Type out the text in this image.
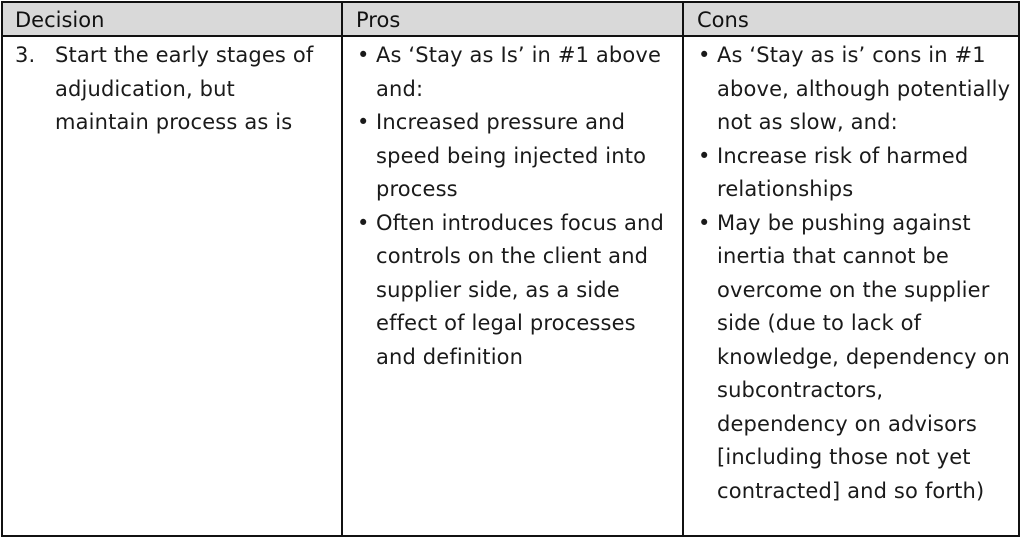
Decision	Pros	Cons
3. Start the early stages of adjudication, but maintain process as is
• As ‘Stay as Is’ in #1 above and:
• Increased pressure and speed being injected into process
• Often introduces focus and controls on the client and supplier side, as a side effect of legal processes and definition
• As ‘Stay as is’ cons in #1 above, although potentially not as slow, and:
• Increase risk of harmed relationships
• May be pushing against inertia that cannot be overcome on the supplier side (due to lack of knowledge, dependency on subcontractors, dependency on advisors [including those not yet contracted] and so forth)
